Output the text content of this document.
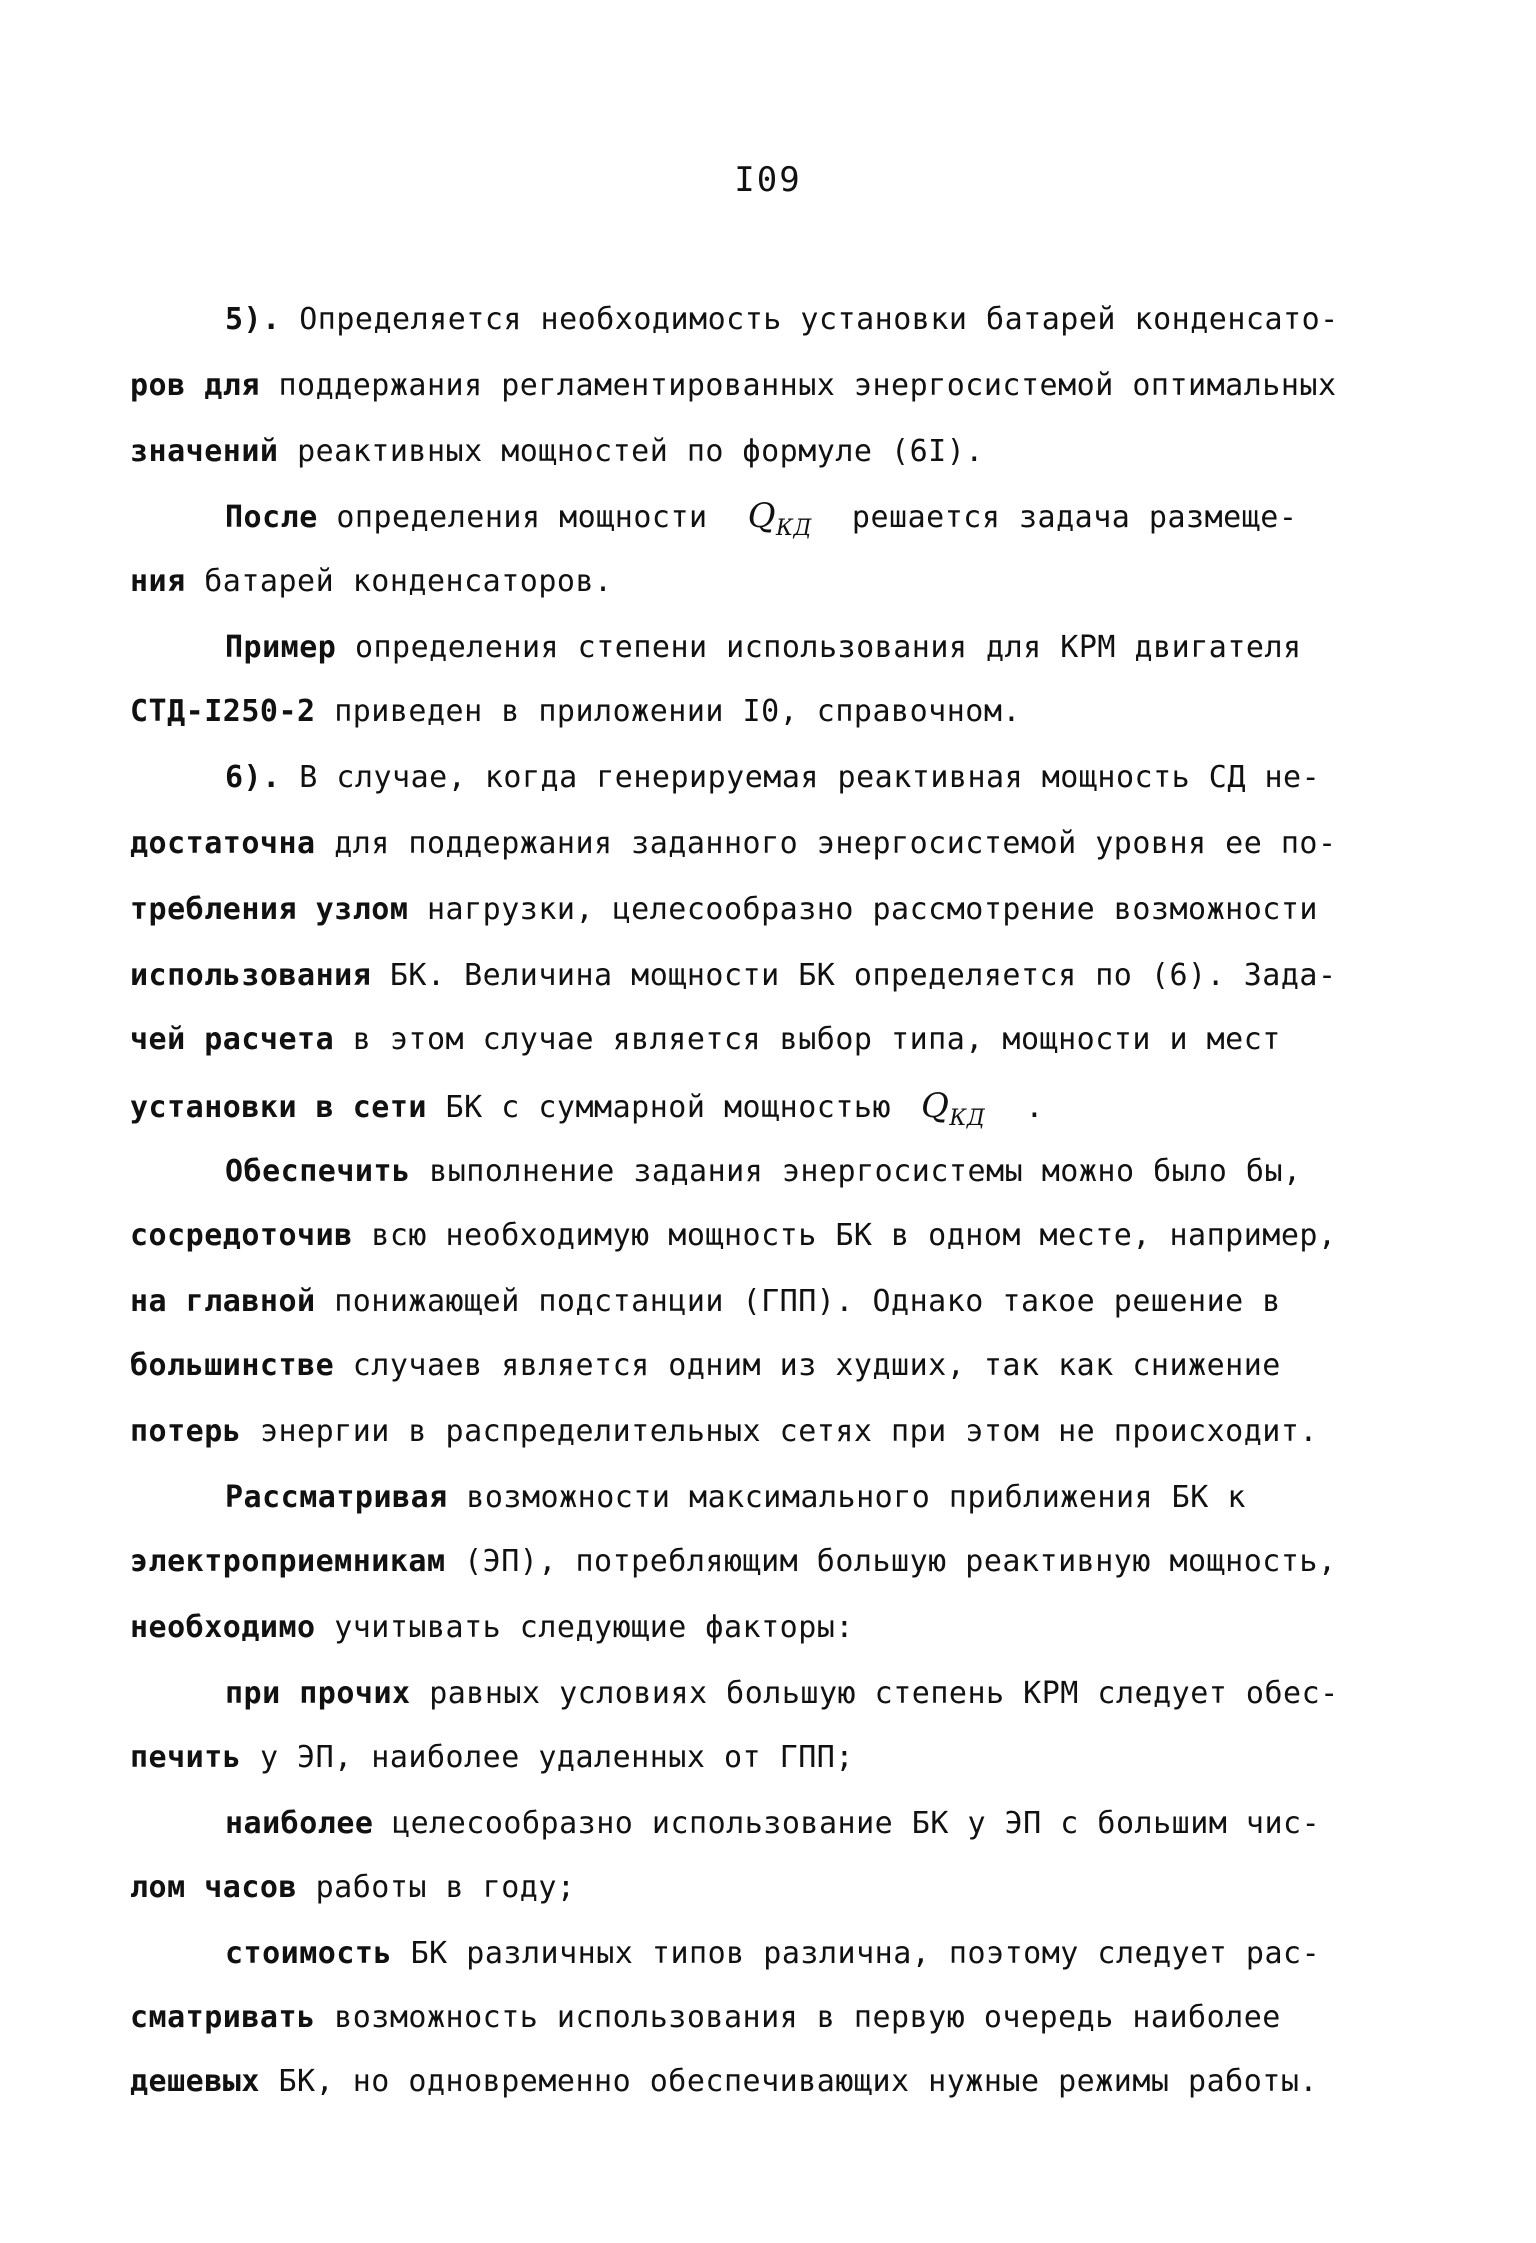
I09
5). Определяется необходимость установки батарей конденсато-
ров для поддержания регламентированных энергосистемой оптимальных
значений реактивных мощностей по формуле (6I).
После определения мощности $Q_{КД}$ решается задача размеще-
ния батарей конденсаторов.
Пример определения степени использования для КРМ двигателя
СТД-I250-2 приведен в приложении I0, справочном.
6). В случае, когда генерируемая реактивная мощность СД не-
достаточна для поддержания заданного энергосистемой уровня ее по-
требления узлом нагрузки, целесообразно рассмотрение возможности
использования БК. Величина мощности БК определяется по (6). Зада-
чей расчета в этом случае является выбор типа, мощности и мест
установки в сети БК с суммарной мощностью $Q_{КД}$ .
Обеспечить выполнение задания энергосистемы можно было бы,
сосредоточив всю необходимую мощность БК в одном месте, например,
на главной понижающей подстанции (ГПП). Однако такое решение в
большинстве случаев является одним из худших, так как снижение
потерь энергии в распределительных сетях при этом не происходит.
Рассматривая возможности максимального приближения БК к
электроприемникам (ЭП), потребляющим большую реактивную мощность,
необходимо учитывать следующие факторы:
при прочих равных условиях большую степень КРМ следует обес-
печить у ЭП, наиболее удаленных от ГПП;
наиболее целесообразно использование БК у ЭП с большим чис-
лом часов работы в году;
стоимость БК различных типов различна, поэтому следует рас-
сматривать возможность использования в первую очередь наиболее
дешевых БК, но одновременно обеспечивающих нужные режимы работы.
